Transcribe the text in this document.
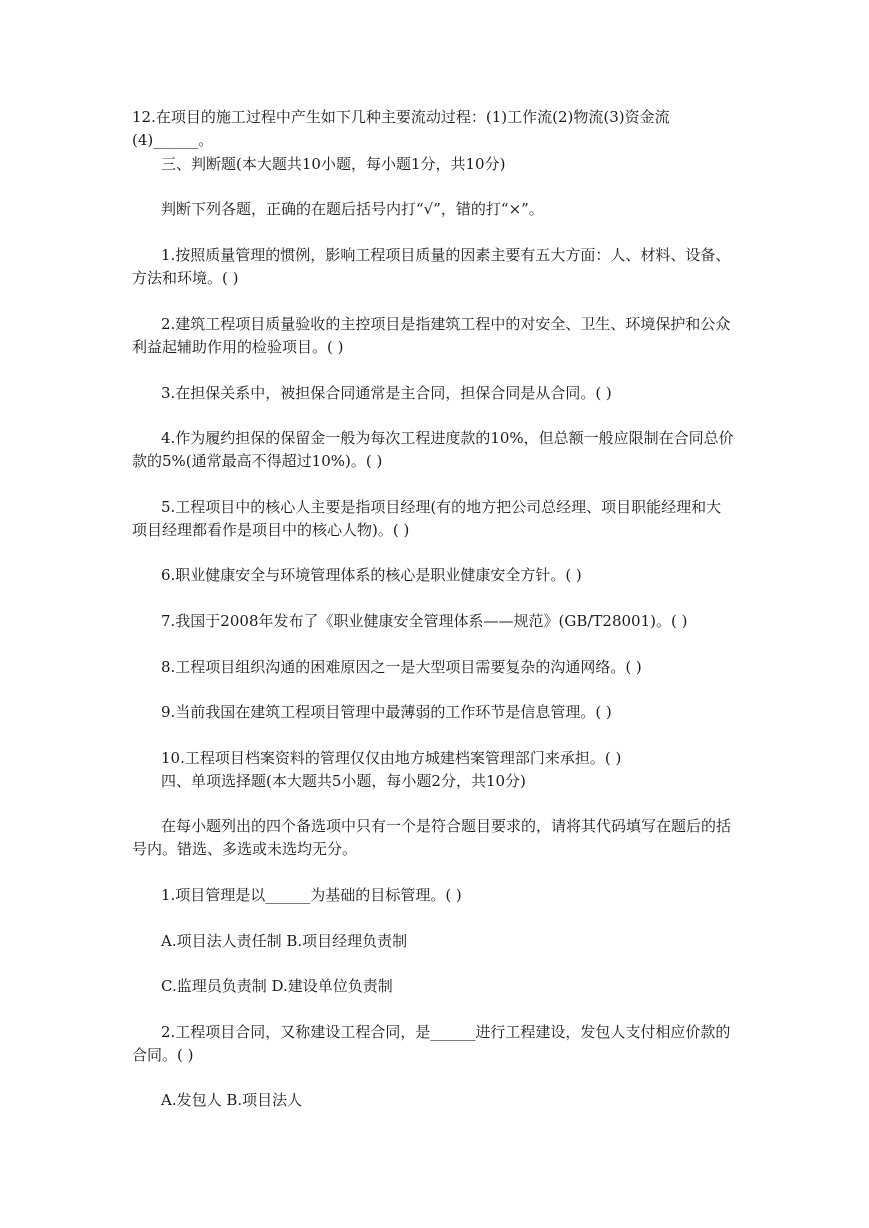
12.在项目的施工过程中产生如下几种主要流动过程：(1)工作流(2)物流(3)资金流

(4)______。

三、判断题(本大题共10小题，每小题1分，共10分)

判断下列各题，正确的在题后括号内打“√”，错的打“×”。

1.按照质量管理的惯例，影响工程项目质量的因素主要有五大方面：人、材料、设备、

方法和环境。( )

2.建筑工程项目质量验收的主控项目是指建筑工程中的对安全、卫生、环境保护和公众

利益起辅助作用的检验项目。( )

3.在担保关系中，被担保合同通常是主合同，担保合同是从合同。( )

4.作为履约担保的保留金一般为每次工程进度款的10%，但总额一般应限制在合同总价

款的5%(通常最高不得超过10%)。( )

5.工程项目中的核心人主要是指项目经理(有的地方把公司总经理、项目职能经理和大

项目经理都看作是项目中的核心人物)。( )

6.职业健康安全与环境管理体系的核心是职业健康安全方针。( )

7.我国于2008年发布了《职业健康安全管理体系——规范》(GB/T28001)。( )

8.工程项目组织沟通的困难原因之一是大型项目需要复杂的沟通网络。( )

9.当前我国在建筑工程项目管理中最薄弱的工作环节是信息管理。( )

10.工程项目档案资料的管理仅仅由地方城建档案管理部门来承担。( )

四、单项选择题(本大题共5小题，每小题2分，共10分)

在每小题列出的四个备选项中只有一个是符合题目要求的，请将其代码填写在题后的括

号内。错选、多选或未选均无分。

1.项目管理是以______为基础的目标管理。( )

A.项目法人责任制 B.项目经理负责制

C.监理员负责制 D.建设单位负责制

2.工程项目合同，又称建设工程合同，是______进行工程建设，发包人支付相应价款的

合同。( )

A.发包人 B.项目法人
